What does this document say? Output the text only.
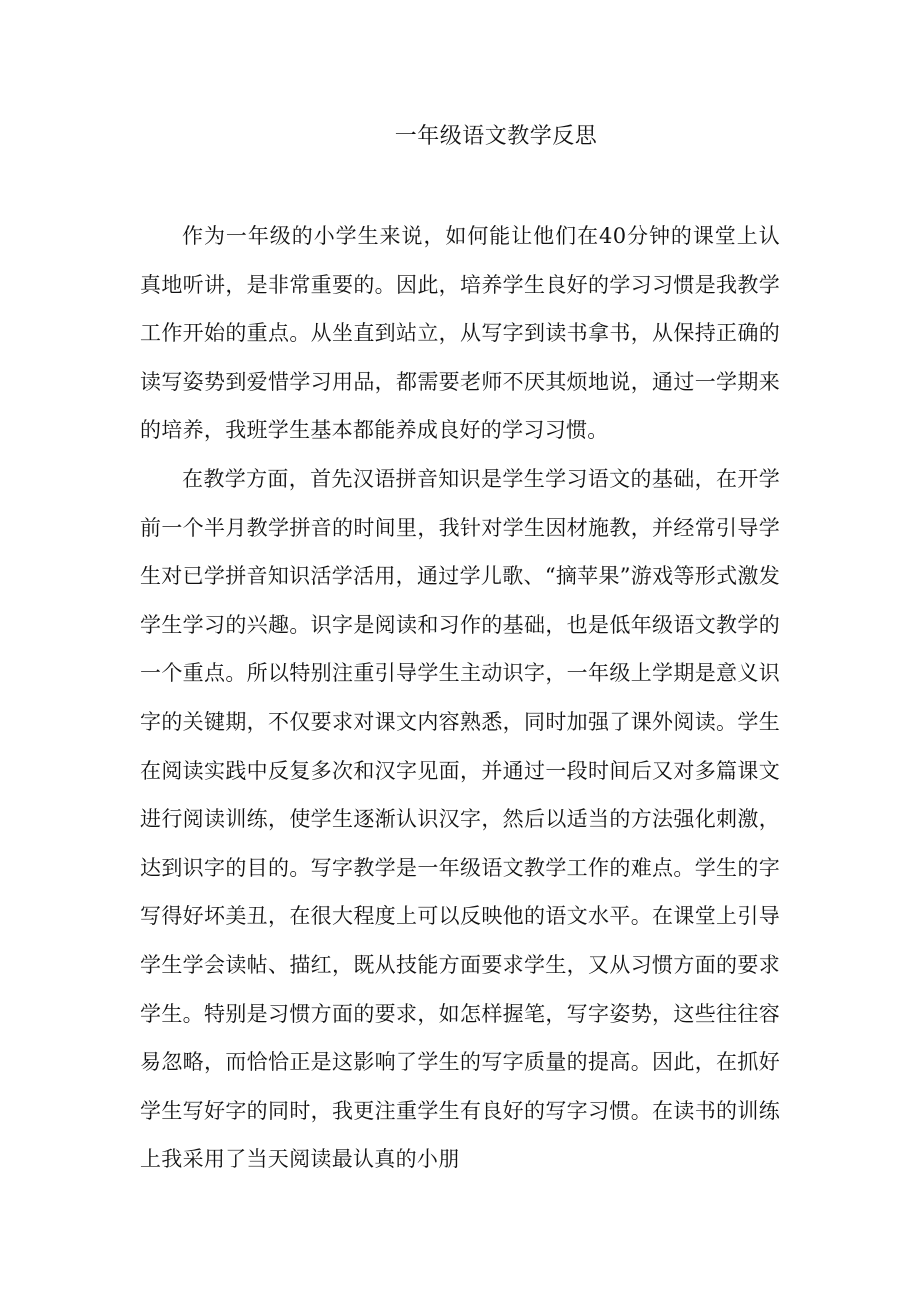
一年级语文教学反思

作为一年级的小学生来说，如何能让他们在40分钟的课堂上认真地听讲，是非常重要的。因此，培养学生良好的学习习惯是我教学工作开始的重点。从坐直到站立，从写字到读书拿书，从保持正确的读写姿势到爱惜学习用品，都需要老师不厌其烦地说，通过一学期来的培养，我班学生基本都能养成良好的学习习惯。

在教学方面，首先汉语拼音知识是学生学习语文的基础，在开学前一个半月教学拼音的时间里，我针对学生因材施教，并经常引导学生对已学拼音知识活学活用，通过学儿歌、“摘苹果”游戏等形式激发学生学习的兴趣。识字是阅读和习作的基础，也是低年级语文教学的一个重点。所以特别注重引导学生主动识字，一年级上学期是意义识字的关键期，不仅要求对课文内容熟悉，同时加强了课外阅读。学生在阅读实践中反复多次和汉字见面，并通过一段时间后又对多篇课文进行阅读训练，使学生逐渐认识汉字，然后以适当的方法强化刺激，达到识字的目的。写字教学是一年级语文教学工作的难点。学生的字写得好坏美丑，在很大程度上可以反映他的语文水平。在课堂上引导学生学会读帖、描红，既从技能方面要求学生，又从习惯方面的要求学生。特别是习惯方面的要求，如怎样握笔，写字姿势，这些往往容易忽略，而恰恰正是这影响了学生的写字质量的提高。因此，在抓好学生写好字的同时，我更注重学生有良好的写字习惯。在读书的训练上我采用了当天阅读最认真的小朋
